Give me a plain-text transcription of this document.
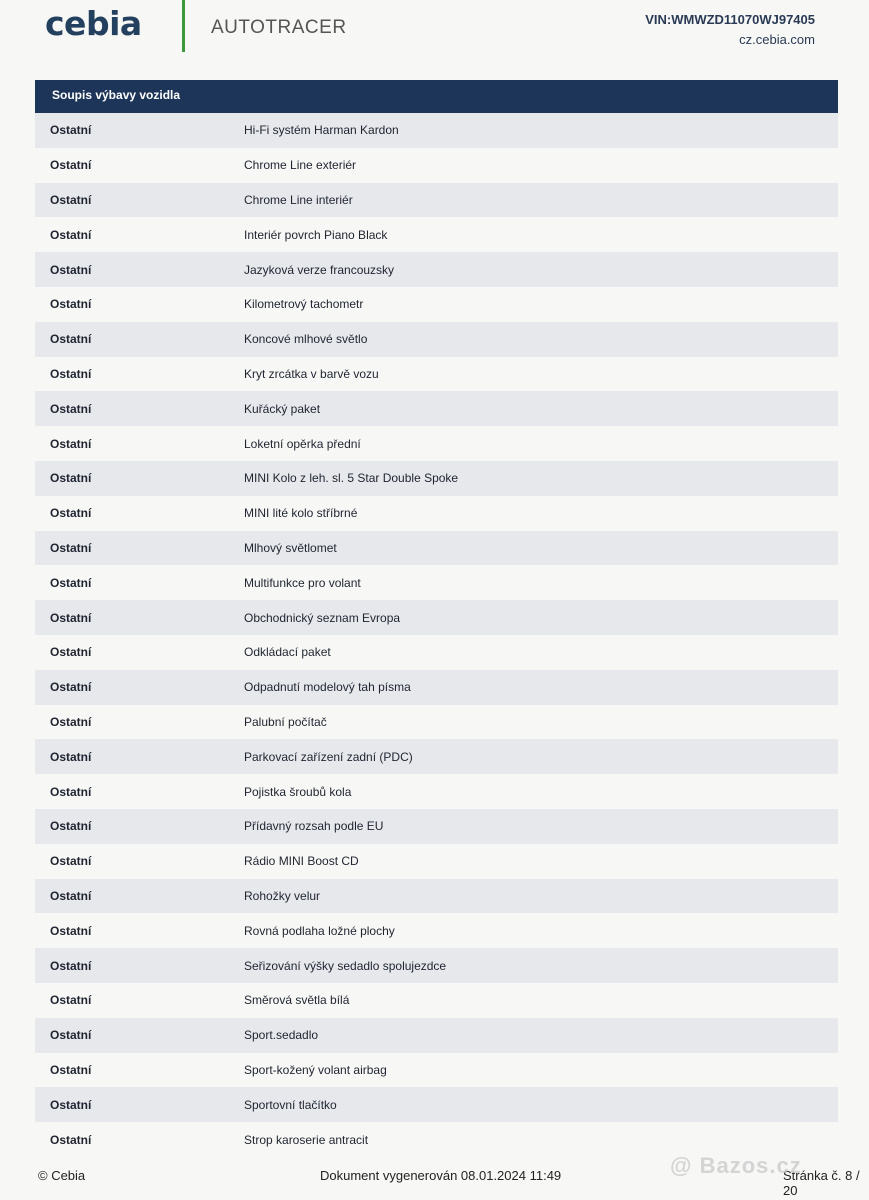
cebia	AUTOTRACER	VIN:WMWZD11070WJ97405
cz.cebia.com
Soupis výbavy vozidla
Ostatní	Hi-Fi systém Harman Kardon
Ostatní	Chrome Line exteriér
Ostatní	Chrome Line interiér
Ostatní	Interiér povrch Piano Black
Ostatní	Jazyková verze francouzsky
Ostatní	Kilometrový tachometr
Ostatní	Koncové mlhové světlo
Ostatní	Kryt zrcátka v barvě vozu
Ostatní	Kuřácký paket
Ostatní	Loketní opěrka přední
Ostatní	MINI Kolo z leh. sl. 5 Star Double Spoke
Ostatní	MINI lité kolo stříbrné
Ostatní	Mlhový světlomet
Ostatní	Multifunkce pro volant
Ostatní	Obchodnický seznam Evropa
Ostatní	Odkládací paket
Ostatní	Odpadnutí modelový tah písma
Ostatní	Palubní počítač
Ostatní	Parkovací zařízení zadní (PDC)
Ostatní	Pojistka šroubů kola
Ostatní	Přídavný rozsah podle EU
Ostatní	Rádio MINI Boost CD
Ostatní	Rohožky velur
Ostatní	Rovná podlaha ložné plochy
Ostatní	Seřizování výšky sedadlo spolujezdce
Ostatní	Směrová světla bílá
Ostatní	Sport.sedadlo
Ostatní	Sport-kožený volant airbag
Ostatní	Sportovní tlačítko
Ostatní	Strop karoserie antracit
© Cebia	Dokument vygenerován 08.01.2024 11:49	Stránka č. 8 / 20
@ Bazos.cz
